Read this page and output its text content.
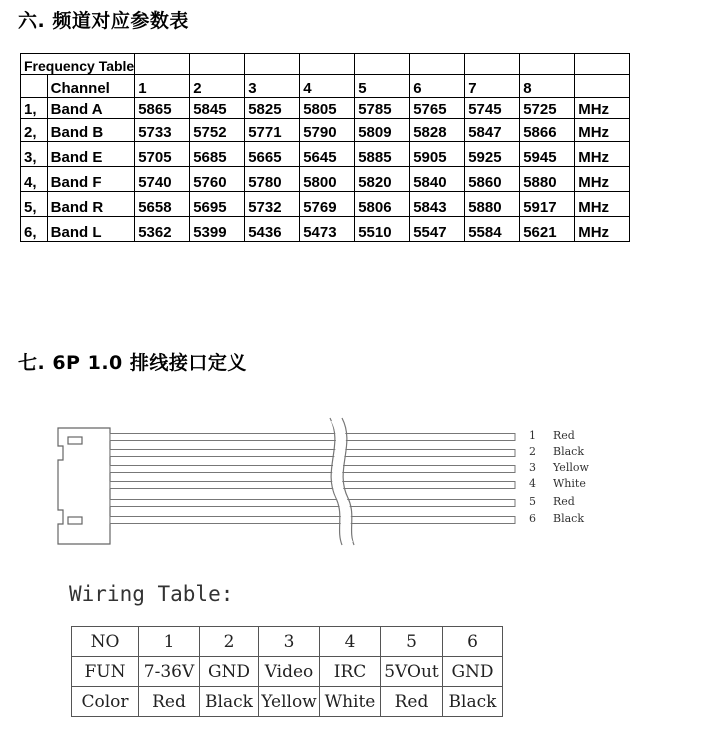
六. 频道对应参数表
Frequency Table										
	Channel	1	2	3	4	5	6	7	8	
1,	Band A	5865	5845	5825	5805	5785	5765	5745	5725	MHz
2,	Band B	5733	5752	5771	5790	5809	5828	5847	5866	MHz
3,	Band E	5705	5685	5665	5645	5885	5905	5925	5945	MHz
4,	Band F	5740	5760	5780	5800	5820	5840	5860	5880	MHz
5,	Band R	5658	5695	5732	5769	5806	5843	5880	5917	MHz
6,	Band L	5362	5399	5436	5473	5510	5547	5584	5621	MHz
七. 6P 1.0 排线接口定义
1 Red
2 Black
3 Yellow
4 White
5 Red
6 Black
Wiring Table:
NO	1	2	3	4	5	6
FUN	7-36V	GND	Video	IRC	5VOut	GND
Color	Red	Black	Yellow	White	Red	Black
